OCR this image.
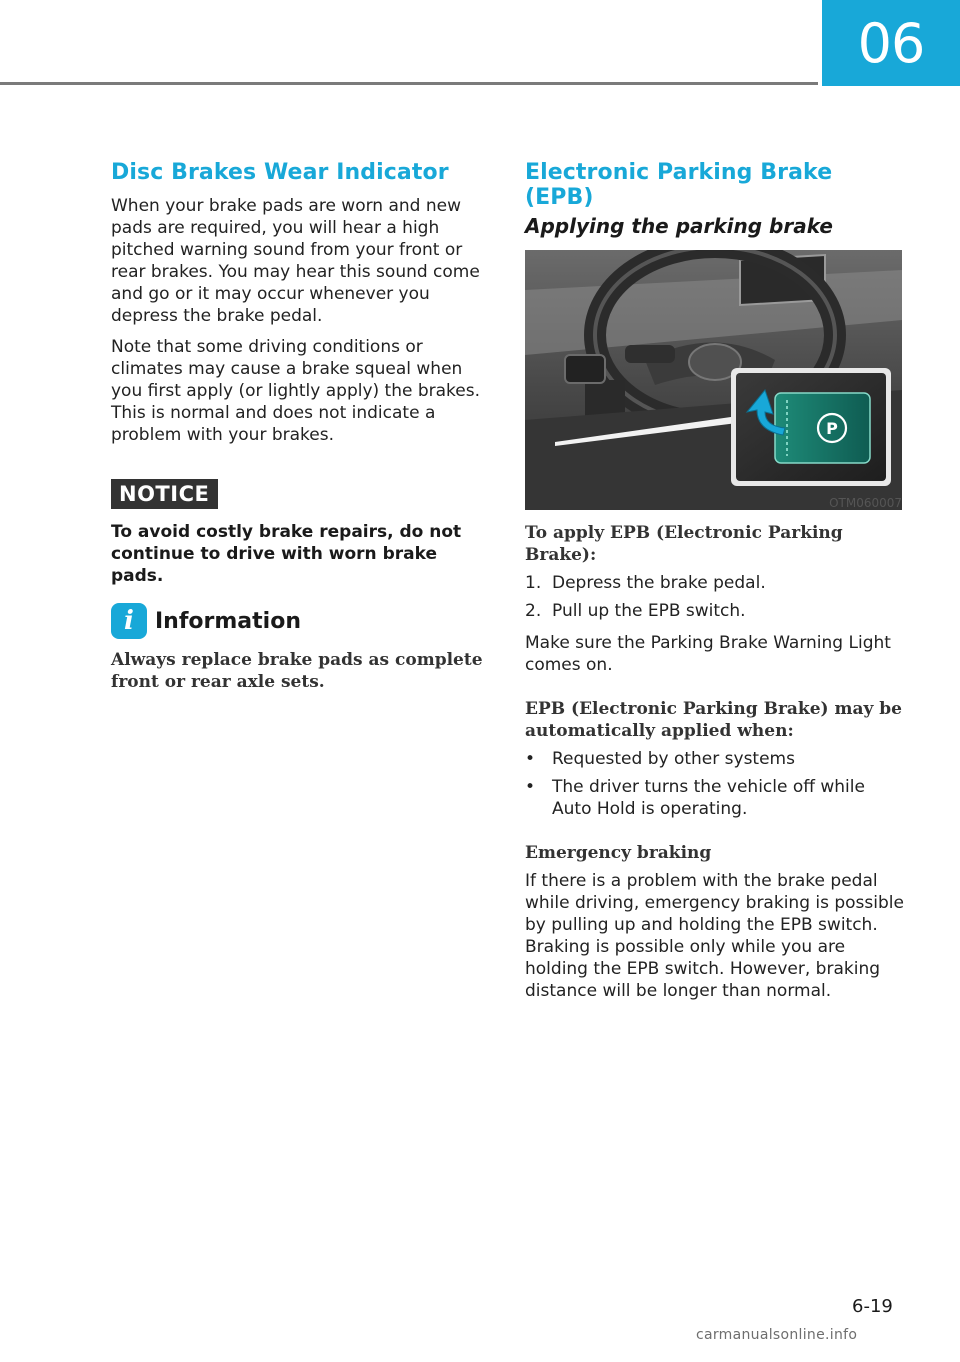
06
Disc Brakes Wear Indicator

When your brake pads are worn and new pads are required, you will hear a high pitched warning sound from your front or rear brakes. You may hear this sound come and go or it may occur whenever you depress the brake pedal.

Note that some driving conditions or climates may cause a brake squeal when you first apply (or lightly apply) the brakes. This is normal and does not indicate a problem with your brakes.

NOTICE
To avoid costly brake repairs, do not continue to drive with worn brake pads.
i Information
Always replace brake pads as complete front or rear axle sets.
Electronic Parking Brake (EPB)
Applying the parking brake
P
OTM060007
To apply EPB (Electronic Parking Brake):
1. Depress the brake pedal.
2. Pull up the EPB switch.

Make sure the Parking Brake Warning Light comes on.

EPB (Electronic Parking Brake) may be automatically applied when:
• Requested by other systems
• The driver turns the vehicle off while Auto Hold is operating.
Emergency braking

If there is a problem with the brake pedal while driving, emergency braking is possible by pulling up and holding the EPB switch. Braking is possible only while you are holding the EPB switch. However, braking distance will be longer than normal.

6-19
carmanualsonline.info
